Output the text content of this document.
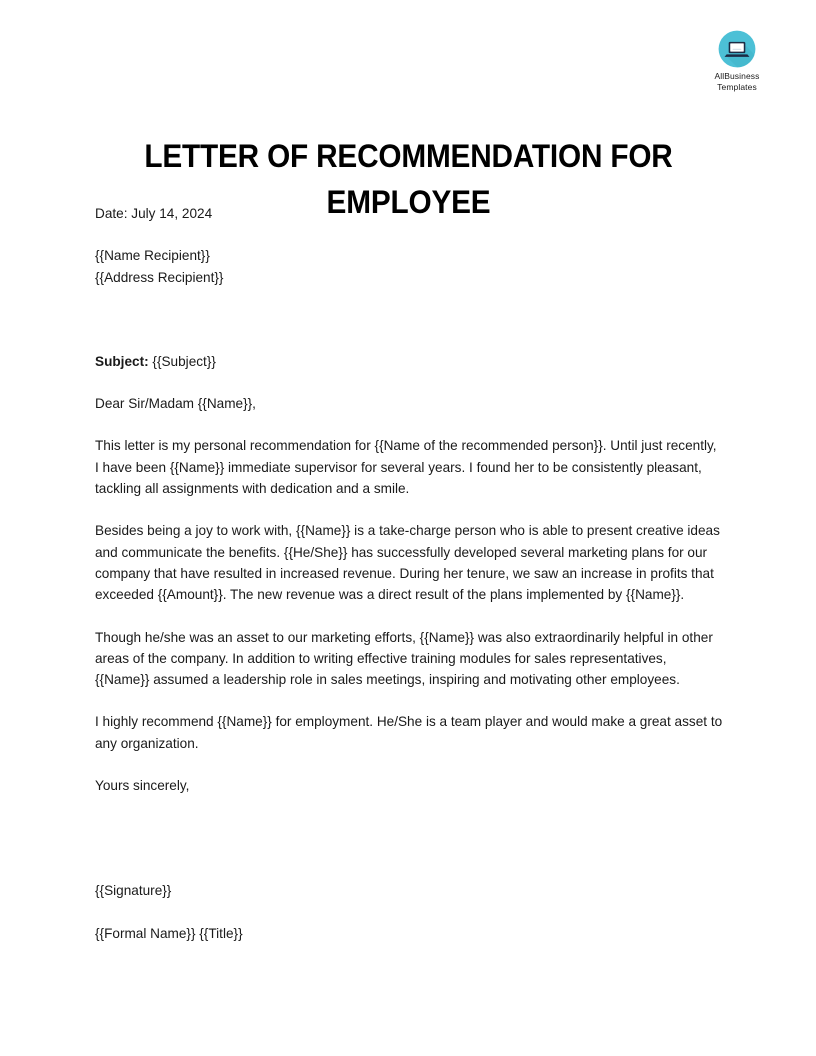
AllBusiness
Templates
LETTER OF RECOMMENDATION FOR EMPLOYEE

Date: July 14, 2024

{{Name Recipient}}

{{Address Recipient}}

Subject: {{Subject}}

Dear Sir/Madam {{Name}},

This letter is my personal recommendation for {{Name of the recommended person}}. Until just recently, I have been {{Name}} immediate supervisor for several years. I found her to be consistently pleasant, tackling all assignments with dedication and a smile.

Besides being a joy to work with, {{Name}} is a take-charge person who is able to present creative ideas and communicate the benefits. {{He/She}} has successfully developed several marketing plans for our company that have resulted in increased revenue. During her tenure, we saw an increase in profits that exceeded {{Amount}}. The new revenue was a direct result of the plans implemented by {{Name}}.

Though he/she was an asset to our marketing efforts, {{Name}} was also extraordinarily helpful in other areas of the company. In addition to writing effective training modules for sales representatives, {{Name}} assumed a leadership role in sales meetings, inspiring and motivating other employees.

I highly recommend {{Name}} for employment. He/She is a team player and would make a great asset to any organization.

Yours sincerely,

{{Signature}}

{{Formal Name}} {{Title}}
